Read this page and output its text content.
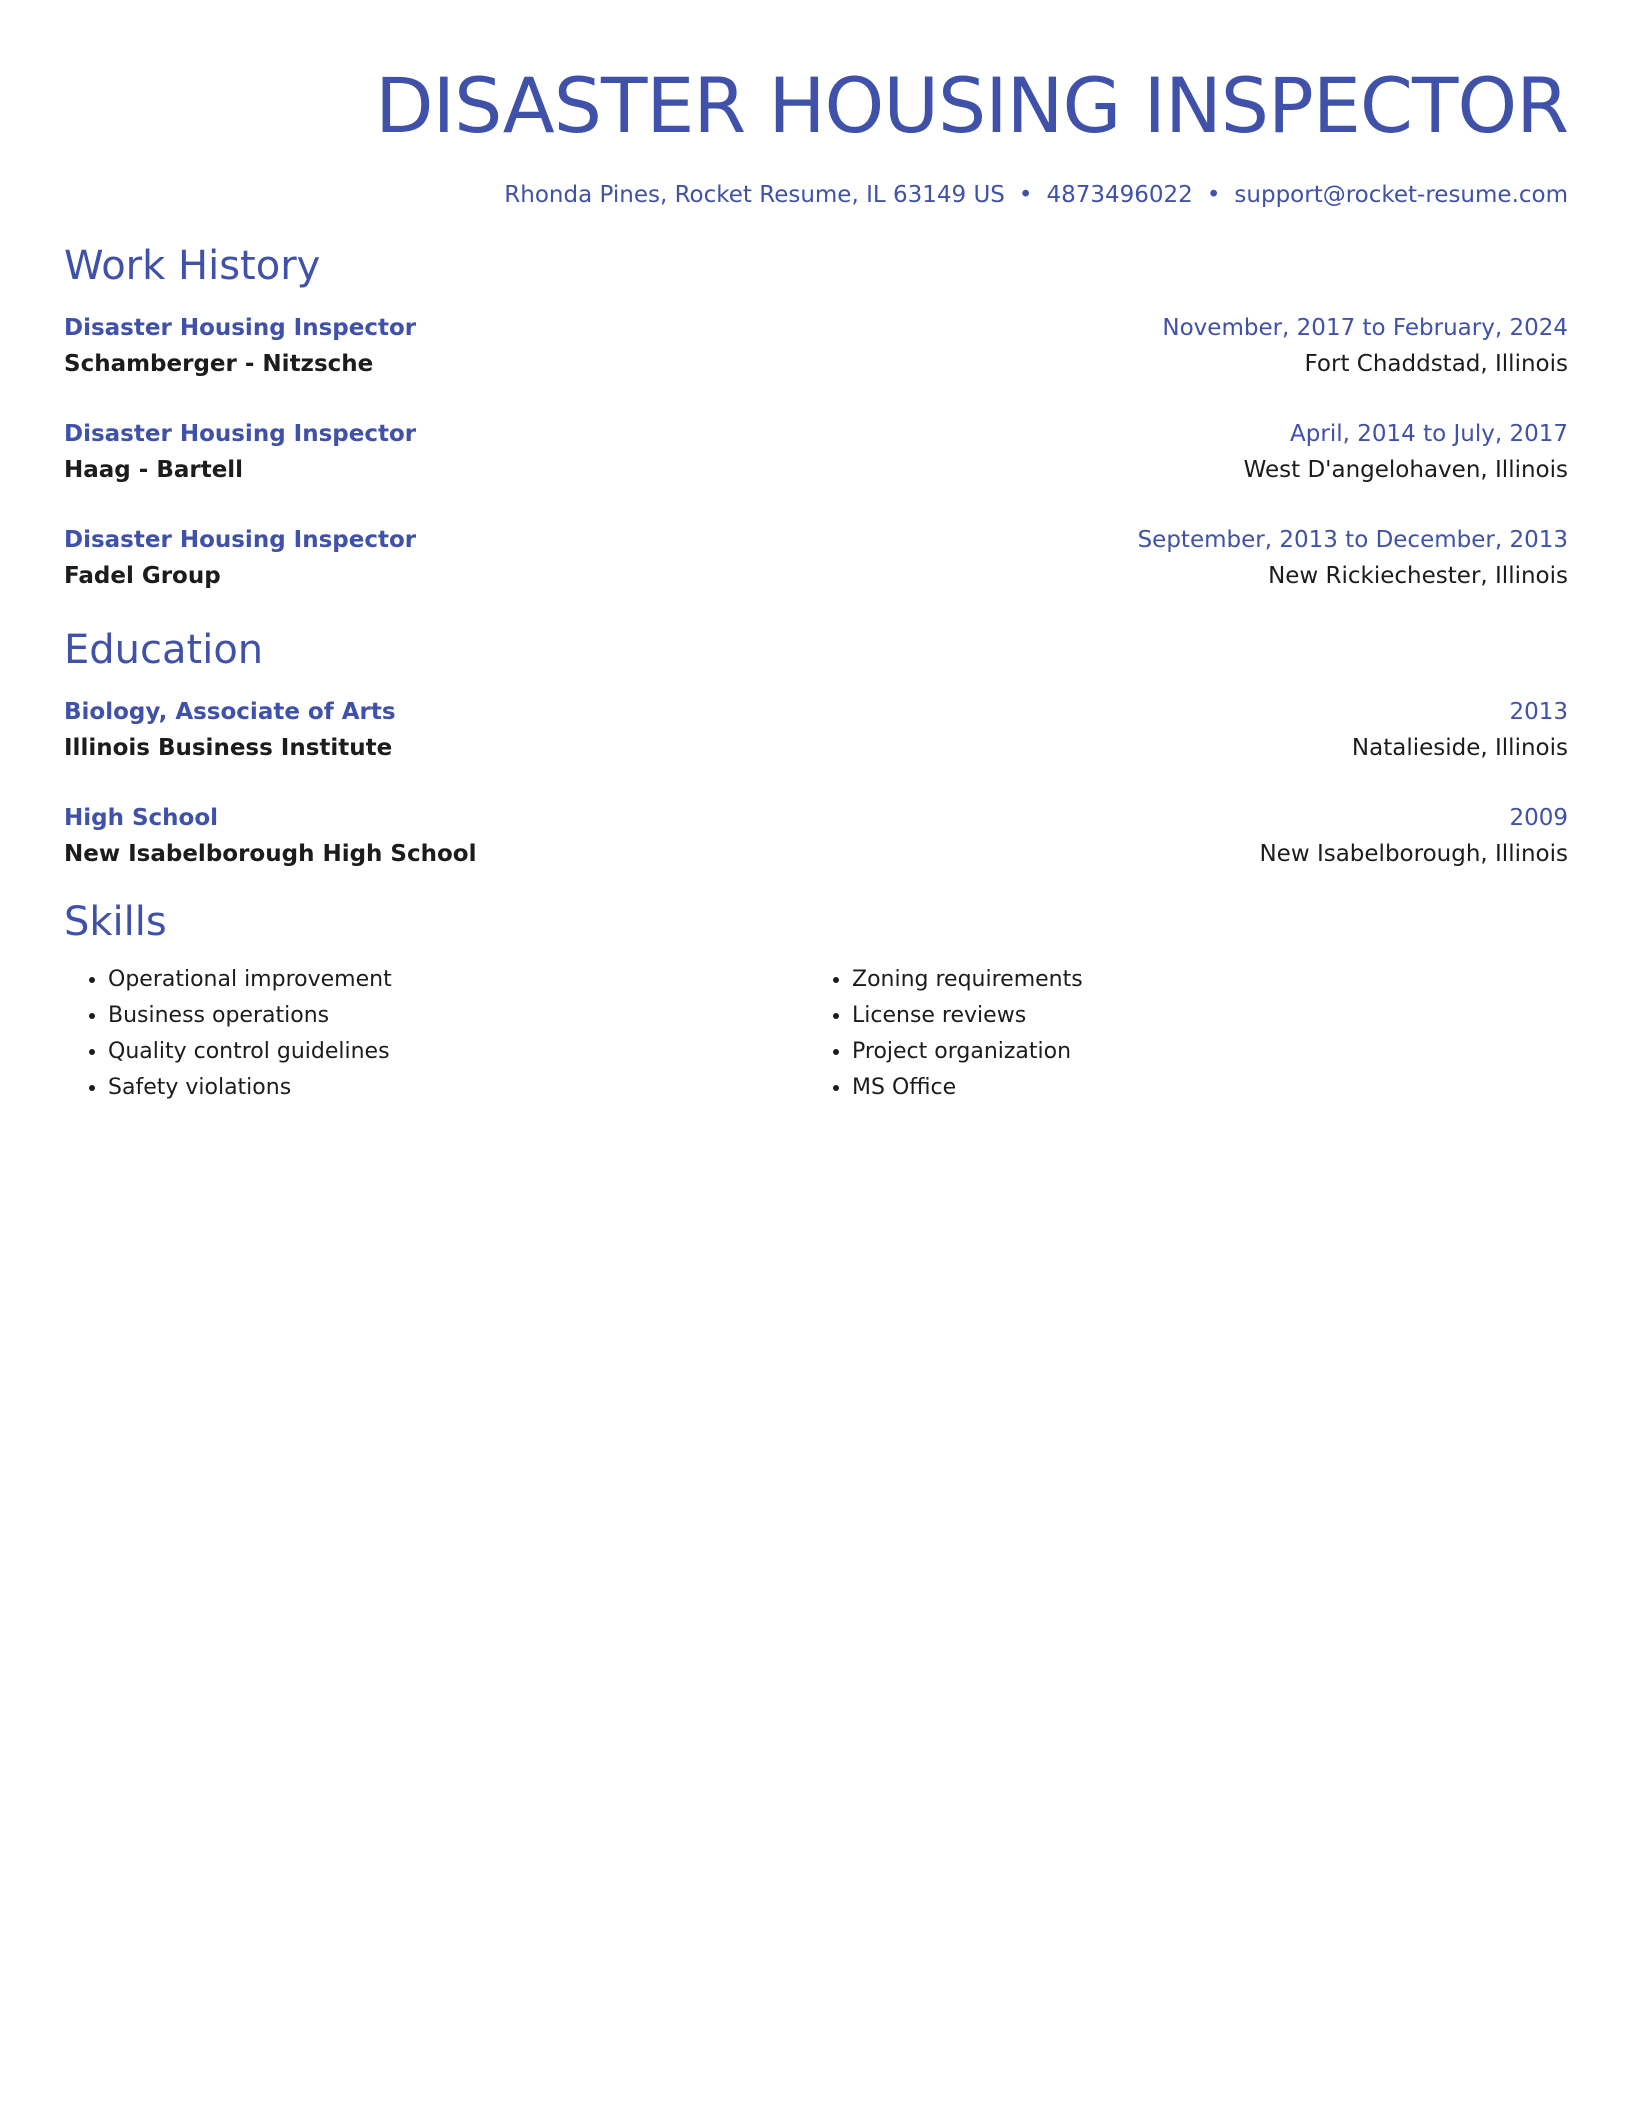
DISASTER HOUSING INSPECTOR
Rhonda Pines, Rocket Resume, IL 63149 US • 4873496022 • support@rocket-resume.com
Work History
Disaster Housing Inspector	November, 2017 to February, 2024
Schamberger - Nitzsche	Fort Chaddstad, Illinois
Disaster Housing Inspector	April, 2014 to July, 2017
Haag - Bartell	West D'angelohaven, Illinois
Disaster Housing Inspector	September, 2013 to December, 2013
Fadel Group	New Rickiechester, Illinois
Education
Biology, Associate of Arts	2013
Illinois Business Institute	Natalieside, Illinois
High School	2009
New Isabelborough High School	New Isabelborough, Illinois
Skills
• Operational improvement
• Business operations
• Quality control guidelines
• Safety violations
• Zoning requirements
• License reviews
• Project organization
• MS Office
